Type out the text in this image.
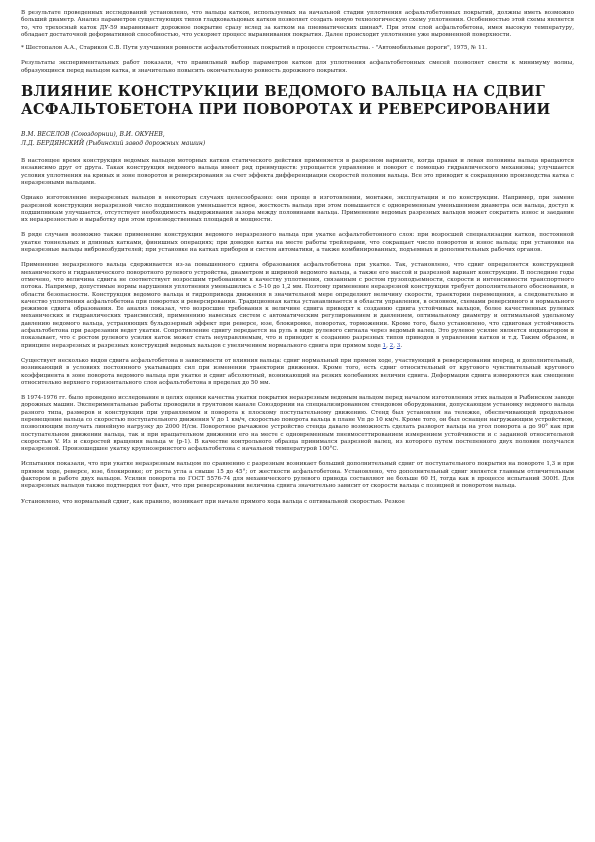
В результате проведенных исследований установлено, что вальцы катков, используемых на начальной стадии уплотнения асфальтобетонных покрытий, должны иметь возможно больший диаметр. Анализ параметров существующих типов гладковальцовых катков позволяет создать новую технологическую схему уплотнения. Особенностью этой схемы является то, что трехосный каток ДУ-59 выравнивает дорожное покрытие сразу вслед за катком на пневматических шинах*. При этом слой асфальтобетона, имея высокую температуру, обладает достаточной деформативной способностью, что ускоряет процесс выравнивания покрытия. Далее происходит уплотнение уже выровненной поверхности.

* Шестопалов А.А., Стариков С.В. Пути улучшения ровности асфальтобетонных покрытий в процессе строительства. - "Автомобильные дороги", 1975, № 11.

Результаты экспериментальных работ показали, что правильный выбор параметров катков для уплотнения асфальтобетонных смесей позволяет свести к минимуму волны, образующиеся перед вальцом катка, и значительно повысить окончательную ровность дорожного покрытия.

ВЛИЯНИЕ КОНСТРУКЦИИ ВЕДОМОГО ВАЛЬЦА НА СДВИГ АСФАЛЬТОБЕТОНА ПРИ ПОВОРОТАХ И РЕВЕРСИРОВАНИИ
В.М. ВЕСЕЛОВ (Союздорнии), В.И. ОКУНЕВ,
Л.Д. БЕРДЯНСКИЙ (Рыбинский завод дорожных машин)

В настоящее время конструкция ведомых вальцов моторных катков статического действия применяется в разрезном варианте, когда правая и левая половины вальца вращаются независимо друг от друга. Такая конструкция ведомого вальца имеет ряд преимуществ: упрощается управление и поворот с помощью гидравлического механизма; улучшается условия уплотнения на кривых и зоне поворотов и реверсирования за счет эффекта дифференциации скоростей половин вальца. Все это приводит к сокращению производства катка с неразрезными вальцами.

Однако изготовление неразрезных вальцов в некоторых случаях целесообразно: они проще в изготовлении, монтаже, эксплуатации и по конструкции. Например, при замене разрезной конструкции неразрезной число подшипников уменьшается вдвое, жесткость вальца при этом повышается с одновременным уменьшением диаметра оси вальца, доступ к подшипникам улучшается, отсутствует необходимость выдерживания зазора между половинами вальца. Применение ведомых разрезных вальцов может сократить износ и заедание их неразрезностью и выработку при этом производственных площадей и мощности.

В ряде случаев возможно также применение конструкции ведомого неразрезного вальца при укатке асфальтобетонного слоя: при возросшей специализации катков, постоянной укатке тоннельных и длинных катками, финишных операциях; при доводке катка на месте работы трейлерами, что сокращает число поворотов и износ вальца; при установке на неразрезные вальцы вибровозбудителей; при установке на катках приборов и систем автоматики, а также комбинированных, подъемных и дополнительных рабочих органов.

Применение неразрезного вальца сдерживается из-за повышенного сдвига образования асфальтобетона при укатке. Так, установлено, что сдвиг определяется конструкцией механического и гидравлического поворотного рулевого устройства, диаметром и шириной ведомого вальца, а также его массой и разрезной вариант конструкции. В последние годы отмечено, что величина сдвига не соответствует возросшим требованиям к качеству уплотнения, связанным с ростом грузоподъемности, скорости и интенсивности транспортного потока. Например, допустимые нормы нарушения уплотнения уменьшились с 5-10 до 1,2 мм. Поэтому применение неразрезной конструкции требует дополнительного обоснования, в области безопасности. Конструкция ведомого вальца и гидропривода движения в значительной мере определяют величину скорости, траектории перемещения, а следовательно и качество уплотнения асфальтобетона при поворотах и реверсировании. Традиционная катка устанавливается в области управления, в основном, схемами реверсивного и нормального режимов сдвига образования. Ее анализ показал, что возросшие требования к величине сдвига приводят к созданию сдвига устойчивых вальцов, более качественных рулевых механических и гидравлических трансмиссий, применению навесных систем с автоматическим регулированием и давлением, оптимальному диаметру и оптимальной удельному давлению ведомого вальца, устраняющих бульдозерный эффект при реверсе, юзе, блокировке, поворотах, торможении. Кроме того, было установлено, что сдвиговая устойчивость асфальтобетона при разрезании ведет укатки. Сопротивление сдвигу передается на руль в виде рулевого сигнала через ведомый валец. Это рулевое усилие является индикатором и показывает, что с ростом рулевого усилия каток может стать неуправляемым, что и приводит к созданию разрезных типов приводов в управлении катков и т.д. Таким образом, в принципе неразрезных и разрезных конструкций ведомых вальцов с увеличением нормального сдвига при прямом ходе 1, 2, 3.

Существует несколько видов сдвига асфальтобетона в зависимости от влияния вальца: сдвиг нормальный при прямом ходе, участвующий в реверсировании вперед, и дополнительный, возникающий в условиях постоянного укатыващих сил при изменении траектории движения. Кроме того, есть сдвиг относительный от кругового чувствительный кругового коэффициента в зоне поворота ведомого вальца при укатке и сдвиг абсолютный, возникающий на резких колебаниях величин сдвига. Деформации сдвига измеряются как смещение относительно верхнего горизонтального слоя асфальтобетона в пределах до 50 мм.

В 1974-1976 гг. было проведено исследование в целях оценки качества укатки покрытия неразрезным ведомым вальцом перед началом изготовления этих вальцов в Рыбинском заводе дорожных машин. Экспериментальные работы проводили в грунтовом канале Союздорнии на специализированном стендовом оборудовании, допускающем установку ведомого вальца разного типа, размеров и конструкции при управляемом и поворота к плоскому поступательному движению. Стенд был установлен на тележке, обеспечивающей продольное перемещение вальца со скоростью поступательного движения V до 1 км/ч, скоростью поворота вальца в плане Vп до 10 км/ч. Кроме того, он был оснащен нагружающим устройством, позволяющим получать линейную нагрузку до 2000 Н/см. Поворотное рычажное устройство стенда давало возможность сделать разворот вальца на угол поворота а до 90° как при поступательном движении вальца, так и при вращательном движении его на месте с одновременным пневмосеттированием измерением устойчивости и с заданной относительной скоростью V. Из и скоростей вращения вальца w (р-1). В качестве контрольного образца принимался разрезной валец, из которого путем постепенного двух половин получался неразрезной. Произошедшее укатку крупнозернистого асфальтобетона с начальной температурой 100°С.

Испытания показали, что при укатке неразрезным вальцом по сравнению с разрезным возникает больший дополнительный сдвиг от поступательного покрытия на повороте 1,3 и при прямом ходе, реверсе, юзе, блокировке; от роста угла а свыше 15 до 45°; от жесткости асфальтобетона. Установлено, что дополнительный сдвиг является главным отличительным фактором в работе двух вальцов. Усилия поворота по ГОСТ 5576-74 для механического рулевого привода составляют не больше 60 Н, тогда как в процессе испытаний 300Н. Для неразрезных вальцов также подтвердил тот факт, что при реверсировании величина сдвига значительно зависит от скорости вальца с позицией и поворотом вальца.

Установлено, что нормальный сдвиг, как правило, возникает при начале прямого хода вальца с оптимальной скоростью. Резкое
